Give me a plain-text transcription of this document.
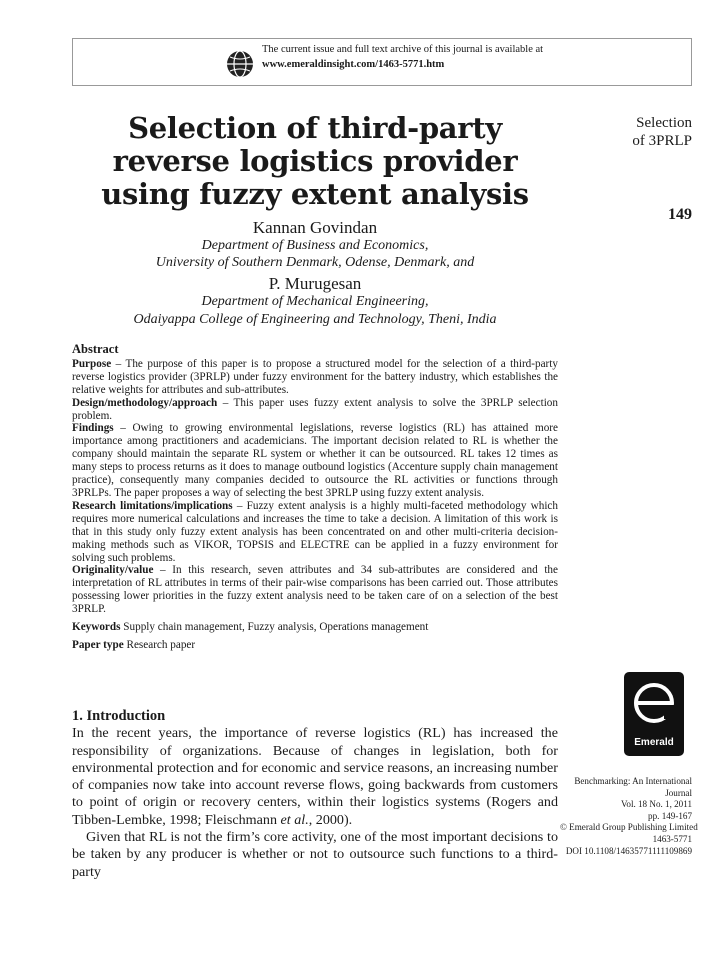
The current issue and full text archive of this journal is available at
www.emeraldinsight.com/1463-5771.htm
Selection of third-party reverse logistics provider using fuzzy extent analysis
Kannan Govindan
Department of Business and Economics,
University of Southern Denmark, Odense, Denmark, and
P. Murugesan
Department of Mechanical Engineering,
Odaiyappa College of Engineering and Technology, Theni, India
Selection
of 3PRLP
149

Abstract

Purpose – The purpose of this paper is to propose a structured model for the selection of a third-party reverse logistics provider (3PRLP) under fuzzy environment for the battery industry, which establishes the relative weights for attributes and sub-attributes.

Design/methodology/approach – This paper uses fuzzy extent analysis to solve the 3PRLP selection problem.

Findings – Owing to growing environmental legislations, reverse logistics (RL) has attained more importance among practitioners and academicians. The important decision related to RL is whether the company should maintain the separate RL system or whether it can be outsourced. RL takes 12 times as many steps to process returns as it does to manage outbound logistics (Accenture supply chain management practice), consequently many companies decided to outsource the RL activities or functions through 3PRLPs. The paper proposes a way of selecting the best 3PRLP using fuzzy extent analysis.

Research limitations/implications – Fuzzy extent analysis is a highly multi-faceted methodology which requires more numerical calculations and increases the time to take a decision. A limitation of this work is that in this study only fuzzy extent analysis has been concentrated on and other multi-criteria decision-making methods such as VIKOR, TOPSIS and ELECTRE can be applied in a fuzzy environment for solving such problems.

Originality/value – In this research, seven attributes and 34 sub-attributes are considered and the interpretation of RL attributes in terms of their pair-wise comparisons has been carried out. Those attributes possessing lower priorities in the fuzzy extent analysis need to be taken care of on a selection of the best 3PRLP.

Keywords Supply chain management, Fuzzy analysis, Operations management

Paper type Research paper

1. Introduction

In the recent years, the importance of reverse logistics (RL) has increased the responsibility of organizations. Because of changes in legislation, both for environmental protection and for economic and service reasons, an increasing number of companies now take into account reverse flows, going backwards from customers to point of origin or recovery centers, within their logistics systems (Rogers and Tibben-Lembke, 1998; Fleischmann et al., 2000).

Given that RL is not the firm’s core activity, one of the most important decisions to be taken by any producer is whether or not to outsource such functions to a third-party

Emerald
Benchmarking: An International
Journal
Vol. 18 No. 1, 2011
pp. 149-167
© Emerald Group Publishing Limited
1463-5771
DOI 10.1108/14635771111109869
